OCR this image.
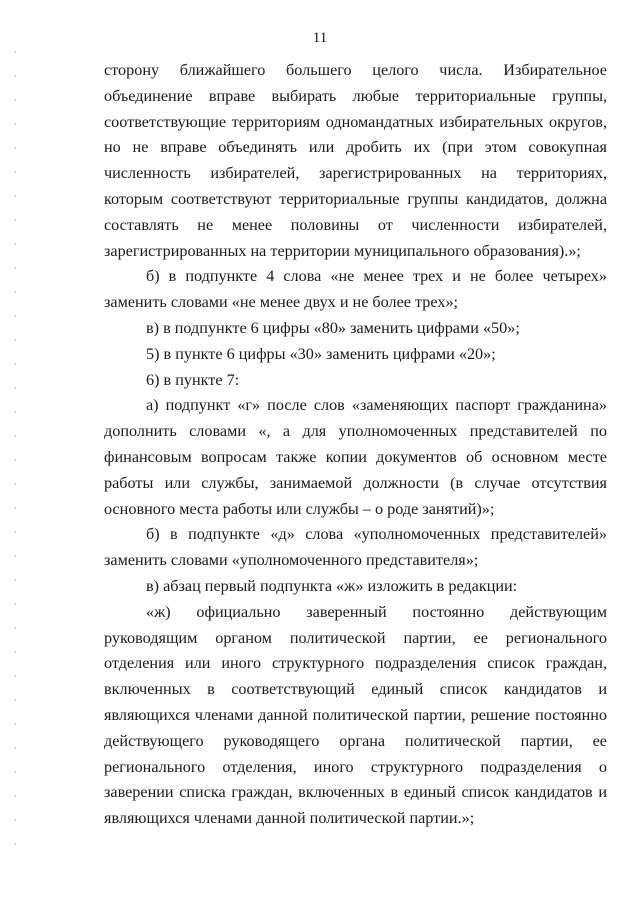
11

сторону ближайшего большего целого числа. Избирательное объединение вправе выбирать любые территориальные группы, соответствующие территориям одномандатных избирательных округов, но не вправе объединять или дробить их (при этом совокупная численность избирателей, зарегистрированных на территориях, которым соответствуют территориальные группы кандидатов, должна составлять не менее половины от численности избирателей, зарегистрированных на территории муниципального образования).»;

б) в подпункте 4 слова «не менее трех и не более четырех» заменить словами «не менее двух и не более трех»;

в) в подпункте 6 цифры «80» заменить цифрами «50»;

5) в пункте 6 цифры «30» заменить цифрами «20»;

6) в пункте 7:

а) подпункт «г» после слов «заменяющих паспорт гражданина» дополнить словами «, а для уполномоченных представителей по финансовым вопросам также копии документов об основном месте работы или службы, занимаемой должности (в случае отсутствия основного места работы или службы – о роде занятий)»;

б) в подпункте «д» слова «уполномоченных представителей» заменить словами «уполномоченного представителя»;

в) абзац первый подпункта «ж» изложить в редакции:

«ж) официально заверенный постоянно действующим руководящим органом политической партии, ее регионального отделения или иного структурного подразделения список граждан, включенных в соответствующий единый список кандидатов и являющихся членами данной политической партии, решение постоянно действующего руководящего органа политической партии, ее регионального отделения, иного структурного подразделения о заверении списка граждан, включенных в единый список кандидатов и являющихся членами данной политической партии.»;
